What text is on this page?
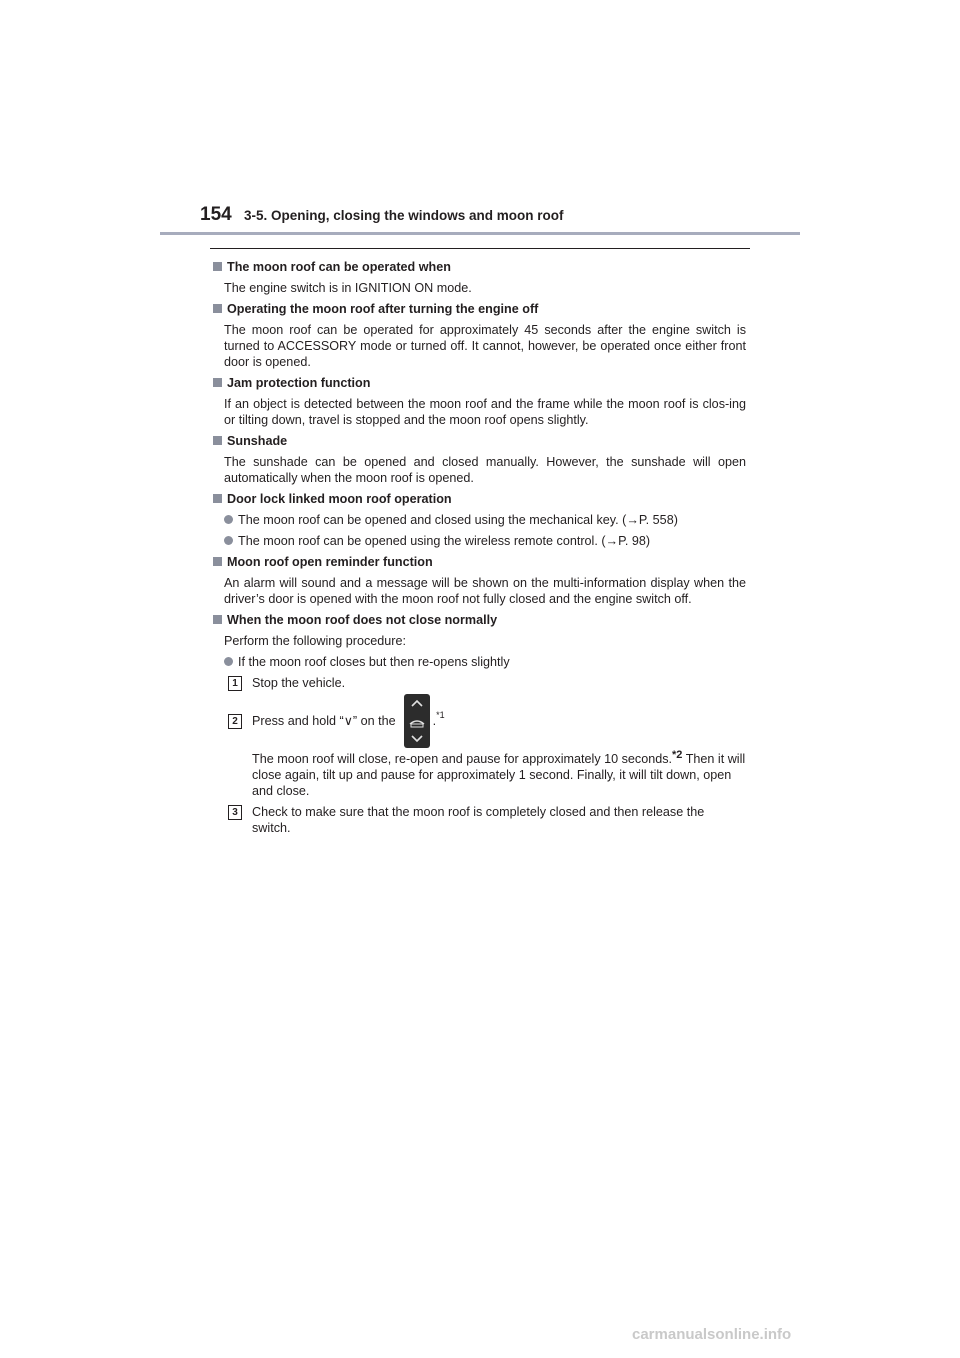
154 3-5. Opening, closing the windows and moon roof
The moon roof can be operated when
The engine switch is in IGNITION ON mode.
Operating the moon roof after turning the engine off
The moon roof can be operated for approximately 45 seconds after the engine switch is turned to ACCESSORY mode or turned off. It cannot, however, be operated once either front door is opened.
Jam protection function
If an object is detected between the moon roof and the frame while the moon roof is clos-ing or tilting down, travel is stopped and the moon roof opens slightly.
Sunshade
The sunshade can be opened and closed manually. However, the sunshade will open automatically when the moon roof is opened.
Door lock linked moon roof operation
The moon roof can be opened and closed using the mechanical key. (→P. 558)
The moon roof can be opened using the wireless remote control. (→P. 98)
Moon roof open reminder function
An alarm will sound and a message will be shown on the multi-information display when the driver’s door is opened with the moon roof not fully closed and the engine switch off.
When the moon roof does not close normally
Perform the following procedure:
If the moon roof closes but then re-opens slightly
1	Stop the vehicle.
2	Press and hold “∨” on the	.$^{*1}$
The moon roof will close, re-open and pause for approximately 10 seconds.$^{*2}$ Then it will close again, tilt up and pause for approximately 1 second. Finally, it will tilt down, open and close.
3	Check to make sure that the moon roof is completely closed and then release the switch.
carmanualsonline.info
